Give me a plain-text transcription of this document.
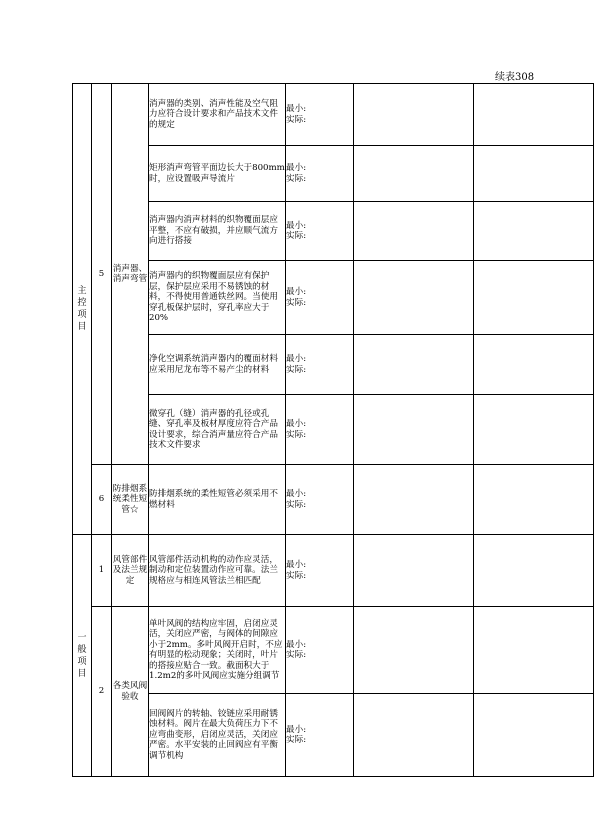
续表308
主控项目	5	消声器、消声弯管	消声器的类别、消声性能及空气阻力应符合设计要求和产品技术文件的规定	最小:
实际:		

			矩形消声弯管平面边长大于800mm时，应设置吸声导流片	最小:
实际:		

			消声器内消声材料的织物覆面层应平整，不应有破损，并应顺气流方向进行搭接	最小:
实际:		

			消声器内的织物覆面层应有保护层，保护层应采用不易锈蚀的材料，不得使用普通铁丝网。当使用穿孔板保护层时，穿孔率应大于20%	最小:
实际:		

			净化空调系统消声器内的覆面材料应采用尼龙布等不易产尘的材料	最小:
实际:		

			微穿孔（缝）消声器的孔径或孔缝、穿孔率及板材厚度应符合产品设计要求，综合消声量应符合产品技术文件要求	最小:
实际:		

	6	防排烟系统柔性短管☆	防排烟系统的柔性短管必须采用不燃材料	最小:
实际:		

一般项目	1	风管部件及法兰规定	风管部件活动机构的动作应灵活，制动和定位装置动作应可靠。法兰规格应与相连风管法兰相匹配	最小:
实际:		

	2	各类风阀验收	单叶风阀的结构应牢固，启闭应灵活，关闭应严密，与阀体的间隙应小于2mm。多叶风阀开启时，不应有明显的松动现象；关闭时，叶片的搭接应贴合一致。截面积大于1.2m2的多叶风阀应实施分组调节	最小:
实际:		

			回阀阀片的转轴、铰链应采用耐锈蚀材料。阀片在最大负荷压力下不应弯曲变形，启闭应灵活，关闭应严密。水平安装的止回阀应有平衡调节机构	最小:
实际:		
